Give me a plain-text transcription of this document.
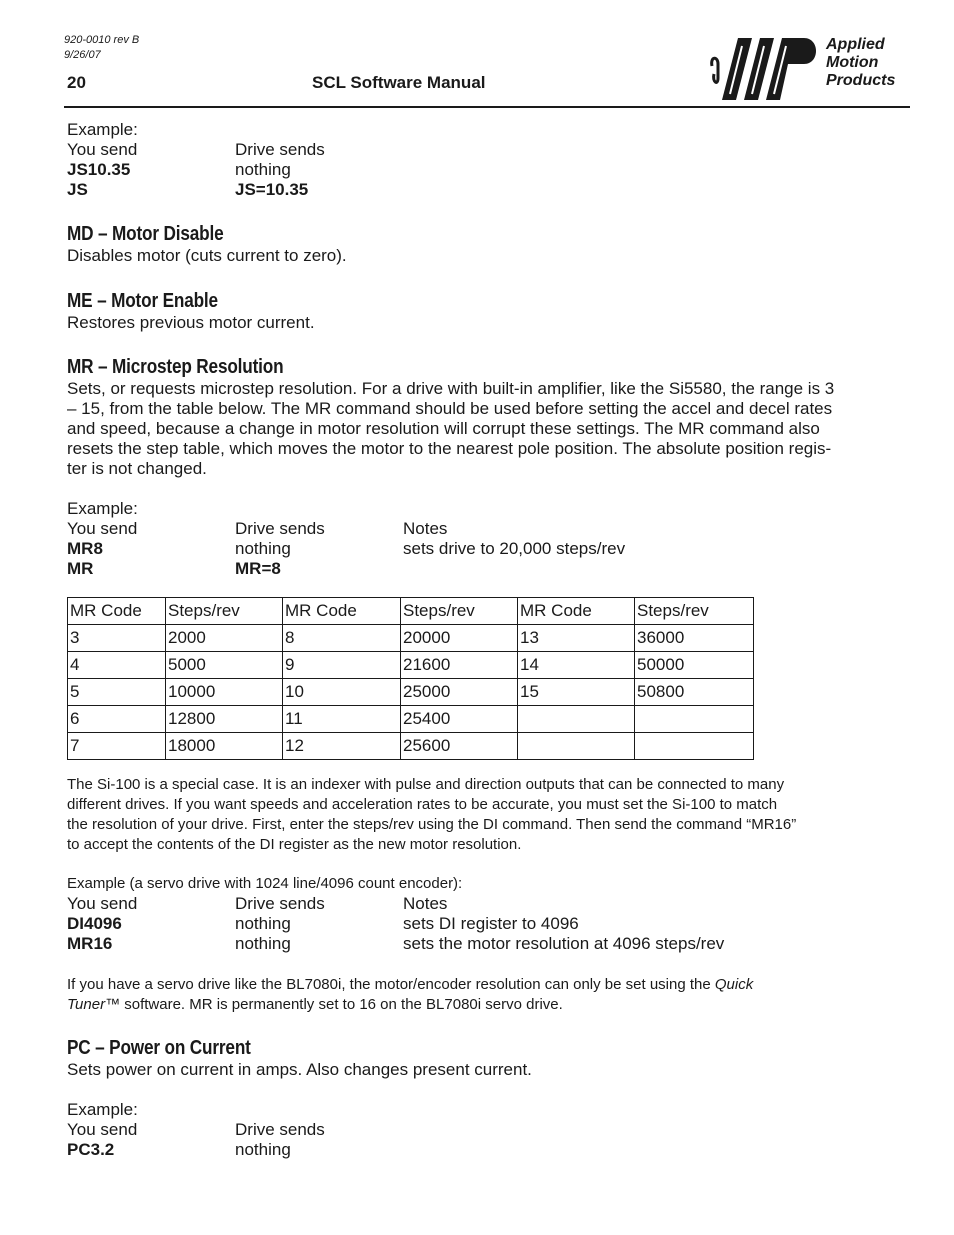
920-0010 rev B
9/26/07
20	SCL Software Manual
Applied
Motion
Products
Example:
You send	Drive sends
JS10.35	nothing
JS	JS=10.35
MD – Motor Disable

Disables motor (cuts current to zero).

ME – Motor Enable

Restores previous motor current.

MR – Microstep Resolution

Sets, or requests microstep resolution. For a drive with built-in amplifier, like the Si5580, the range is 3

– 15, from the table below. The MR command should be used before setting the accel and decel rates

and speed, because a change in motor resolution will corrupt these settings. The MR command also

resets the step table, which moves the motor to the nearest pole position. The absolute position regis-

ter is not changed.

Example:
You send	Drive sends	Notes
MR8	nothing	sets drive to 20,000 steps/rev
MR	MR=8
MR Code	Steps/rev	MR Code	Steps/rev	MR Code	Steps/rev
3	2000	8	20000	13	36000
4	5000	9	21600	14	50000
5	10000	10	25000	15	50800
6	12800	11	25400		
7	18000	12	25600		

The Si-100 is a special case. It is an indexer with pulse and direction outputs that can be connected to many

different drives. If you want speeds and acceleration rates to be accurate, you must set the Si-100 to match

the resolution of your drive. First, enter the steps/rev using the DI command. Then send the command “MR16”

to accept the contents of the DI register as the new motor resolution.

Example (a servo drive with 1024 line/4096 count encoder):
You send	Drive sends	Notes
DI4096	nothing	sets DI register to 4096
MR16	nothing	sets the motor resolution at 4096 steps/rev
If you have a servo drive like the BL7080i, the motor/encoder resolution can only be set using the Quick
Tuner™ software. MR is permanently set to 16 on the BL7080i servo drive.
PC – Power on Current

Sets power on current in amps. Also changes present current.

Example:
You send	Drive sends
PC3.2	nothing
